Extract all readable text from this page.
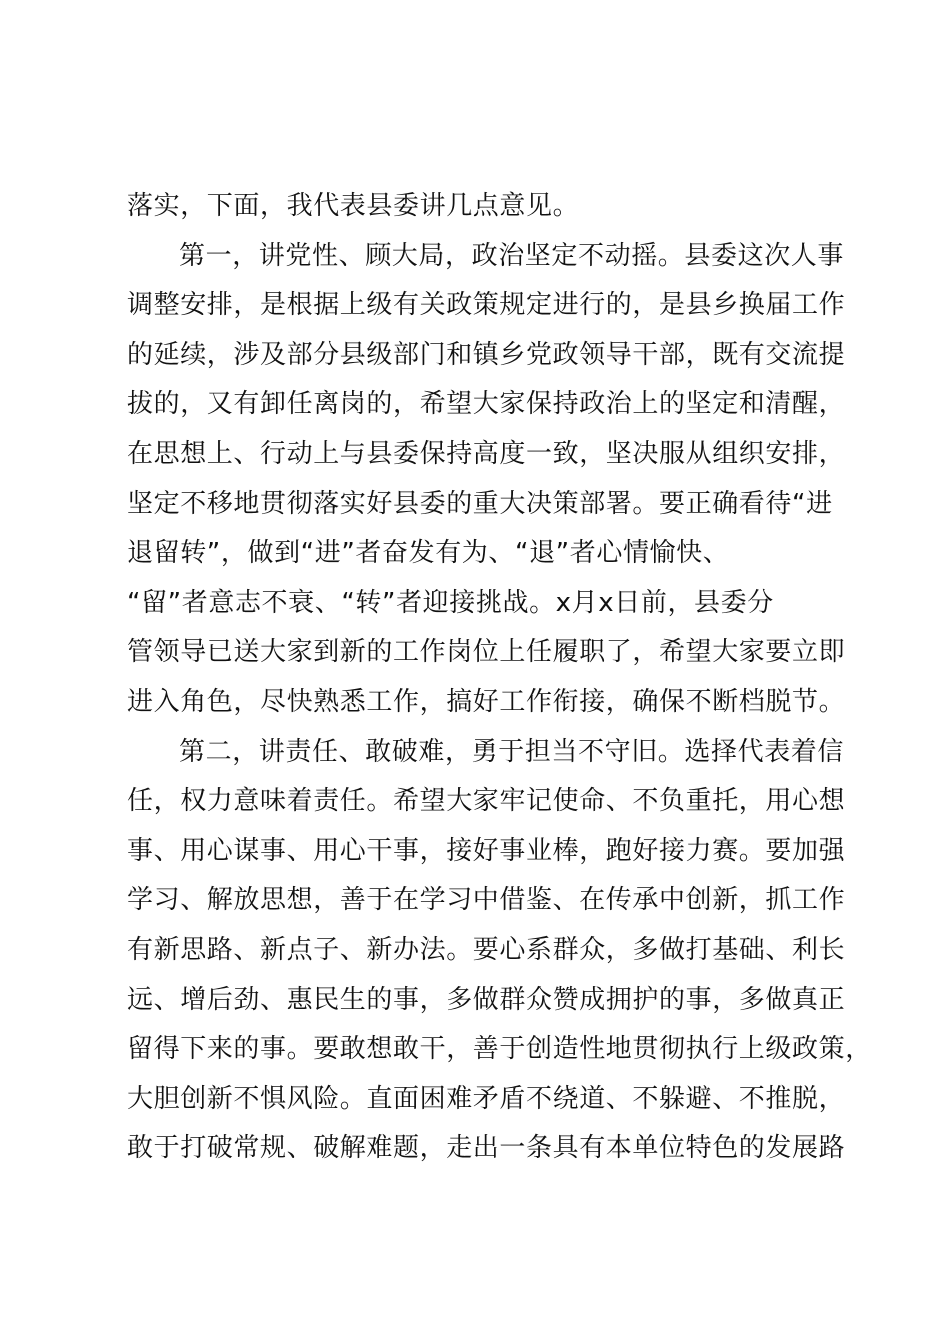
落实，下面，我代表县委讲几点意见。
第一，讲党性、顾大局，政治坚定不动摇。县委这次人事
调整安排，是根据上级有关政策规定进行的，是县乡换届工作
的延续，涉及部分县级部门和镇乡党政领导干部，既有交流提
拔的，又有卸任离岗的，希望大家保持政治上的坚定和清醒，
在思想上、行动上与县委保持高度一致，坚决服从组织安排，
坚定不移地贯彻落实好县委的重大决策部署。要正确看待“进
退留转”，做到“进”者奋发有为、“退”者心情愉快、
“留”者意志不衰、“转”者迎接挑战。x月x日前，县委分
管领导已送大家到新的工作岗位上任履职了，希望大家要立即
进入角色，尽快熟悉工作，搞好工作衔接，确保不断档脱节。
第二，讲责任、敢破难，勇于担当不守旧。选择代表着信
任，权力意味着责任。希望大家牢记使命、不负重托，用心想
事、用心谋事、用心干事，接好事业棒，跑好接力赛。要加强
学习、解放思想，善于在学习中借鉴、在传承中创新，抓工作
有新思路、新点子、新办法。要心系群众，多做打基础、利长
远、增后劲、惠民生的事，多做群众赞成拥护的事，多做真正
留得下来的事。要敢想敢干，善于创造性地贯彻执行上级政策，
大胆创新不惧风险。直面困难矛盾不绕道、不躲避、不推脱，
敢于打破常规、破解难题，走出一条具有本单位特色的发展路
